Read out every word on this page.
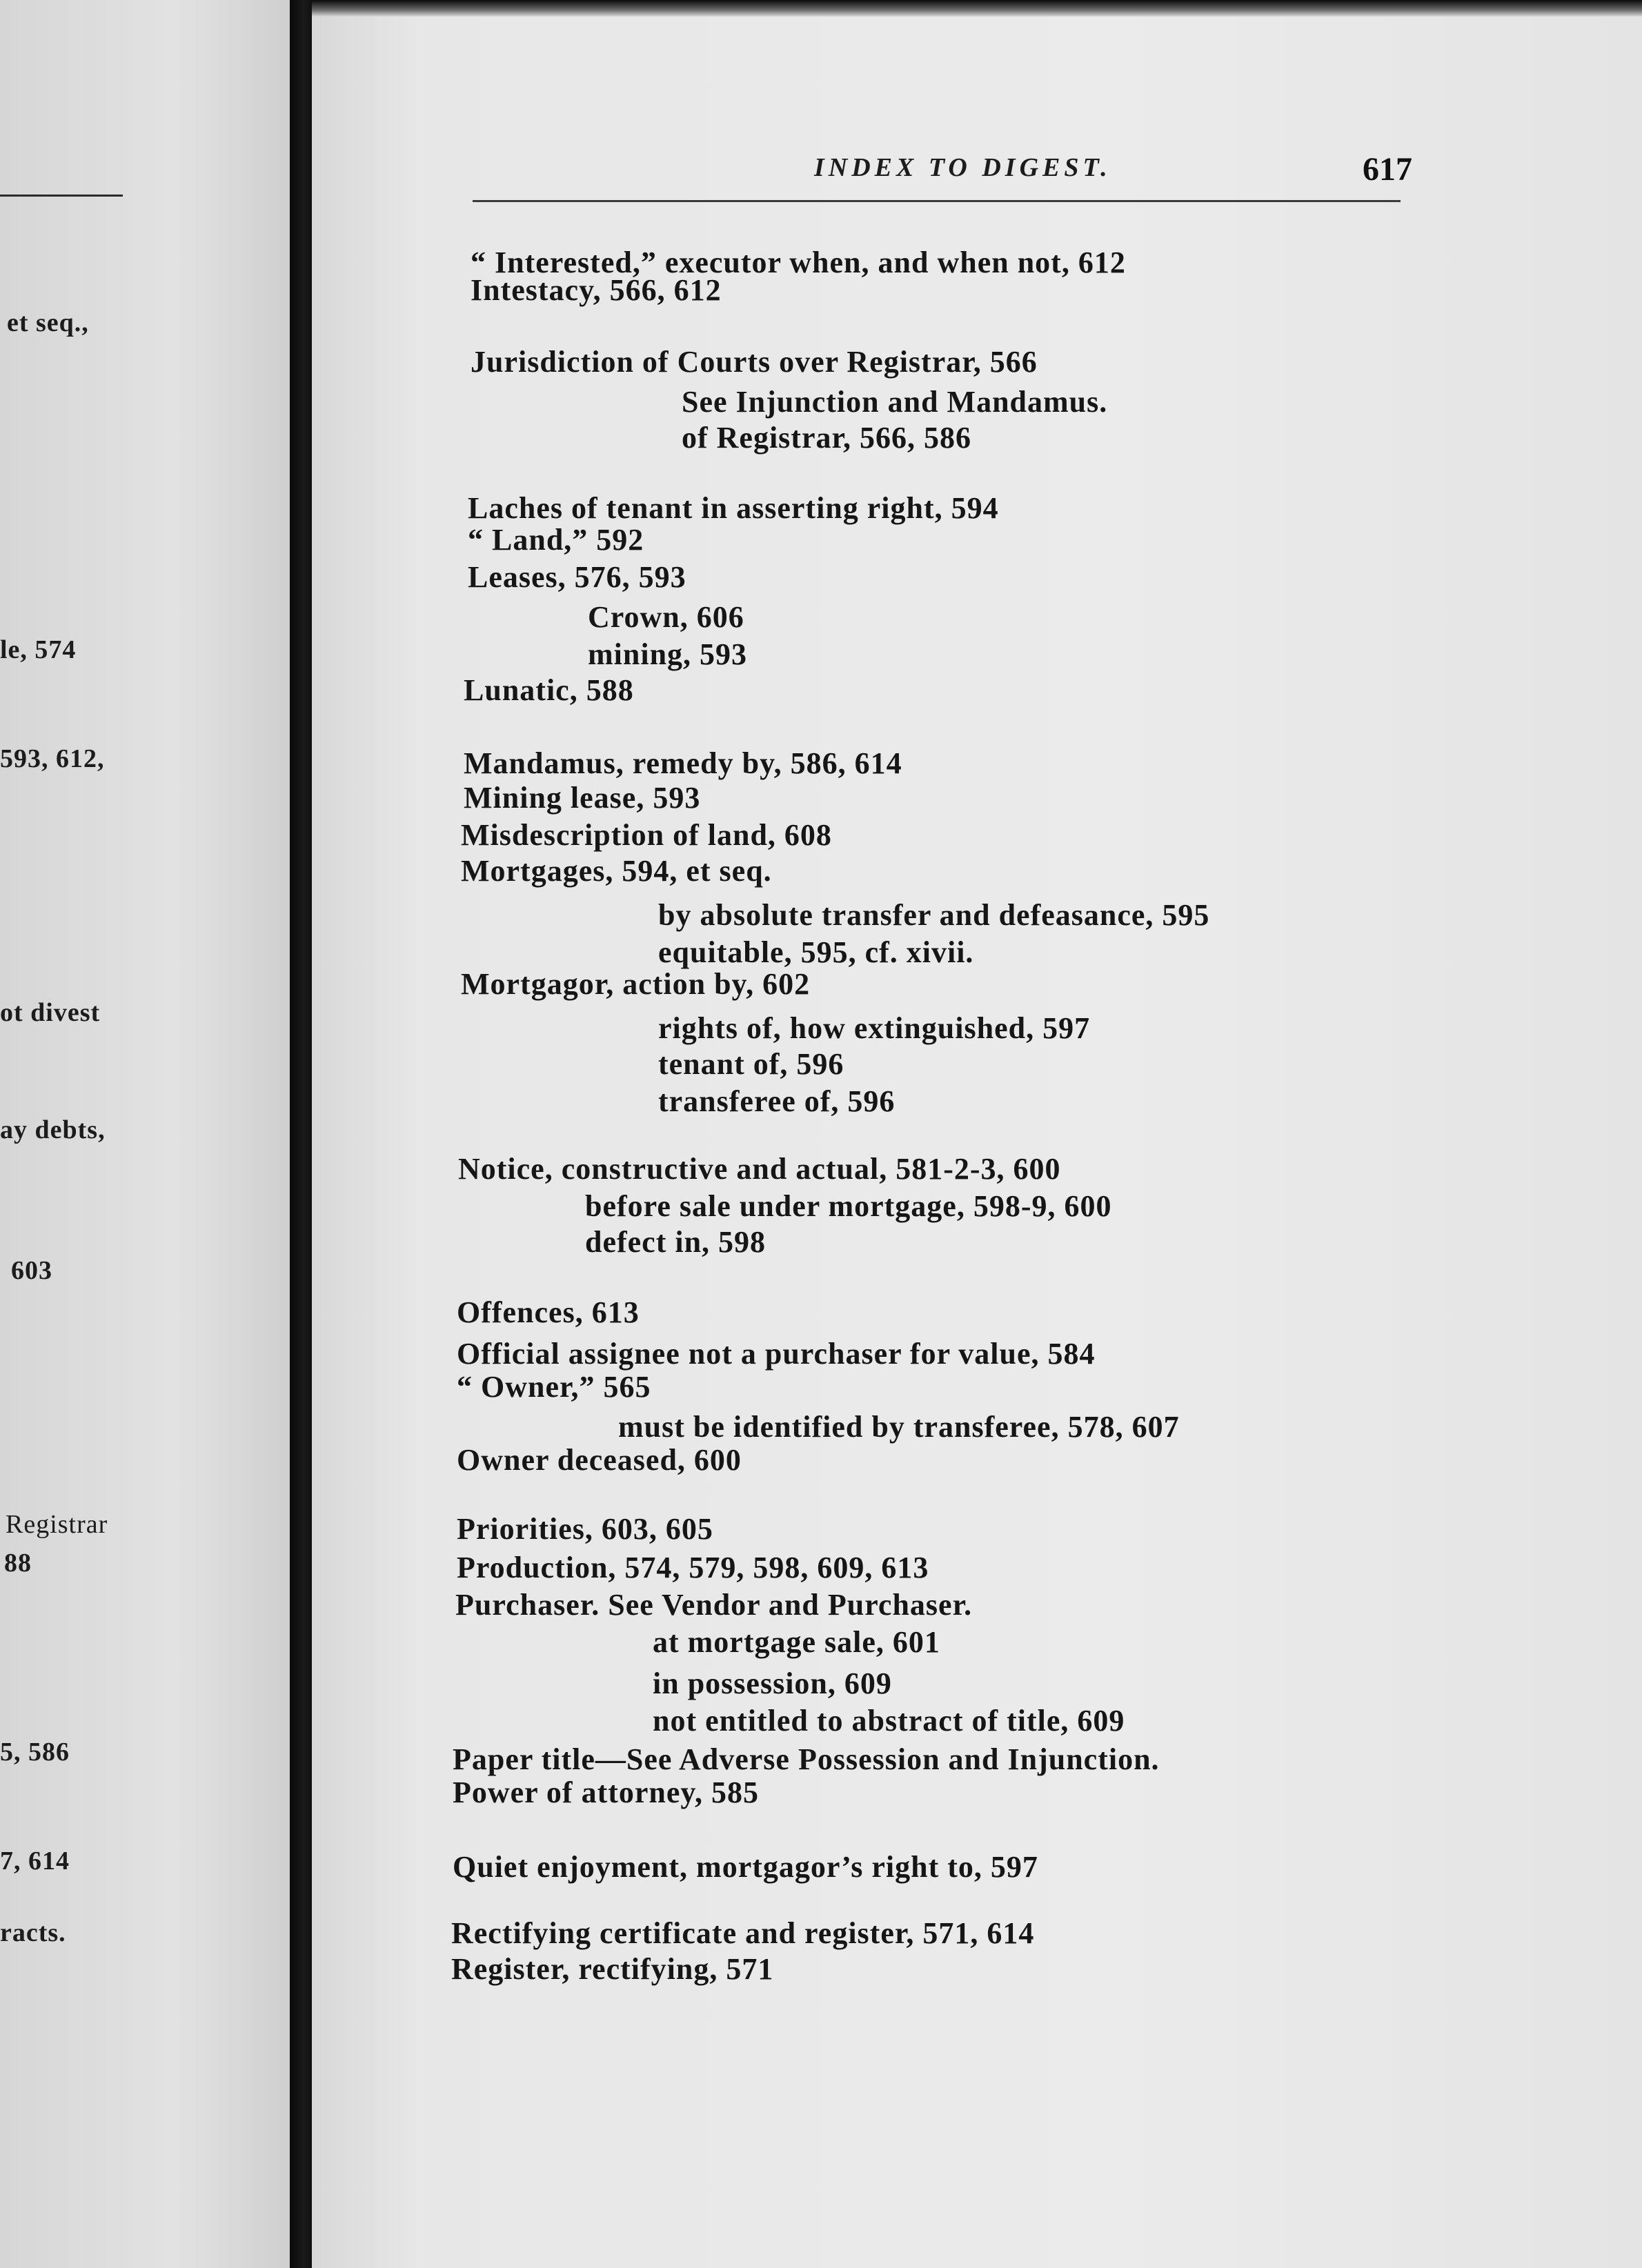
et seq.,
le, 574
593, 612,
ot divest
ay debts,
603
Registrar
88
5, 586
7, 614
racts.
INDEX TO DIGEST.	617
“ Interested,” executor when, and when not, 612
Intestacy, 566, 612
Jurisdiction of Courts over Registrar, 566
See Injunction and Mandamus.
of Registrar, 566, 586
Laches of tenant in asserting right, 594
“ Land,” 592
Leases, 576, 593
Crown, 606
mining, 593
Lunatic, 588
Mandamus, remedy by, 586, 614
Mining lease, 593
Misdescription of land, 608
Mortgages, 594, et seq.
by absolute transfer and defeasance, 595
equitable, 595, cf. xivii.
Mortgagor, action by, 602
rights of, how extinguished, 597
tenant of, 596
transferee of, 596
Notice, constructive and actual, 581-2-3, 600
before sale under mortgage, 598-9, 600
defect in, 598
Offences, 613
Official assignee not a purchaser for value, 584
“ Owner,” 565
must be identified by transferee, 578, 607
Owner deceased, 600
Priorities, 603, 605
Production, 574, 579, 598, 609, 613
Purchaser. See Vendor and Purchaser.
at mortgage sale, 601
in possession, 609
not entitled to abstract of title, 609
Paper title—See Adverse Possession and Injunction.
Power of attorney, 585
Quiet enjoyment, mortgagor’s right to, 597
Rectifying certificate and register, 571, 614
Register, rectifying, 571
